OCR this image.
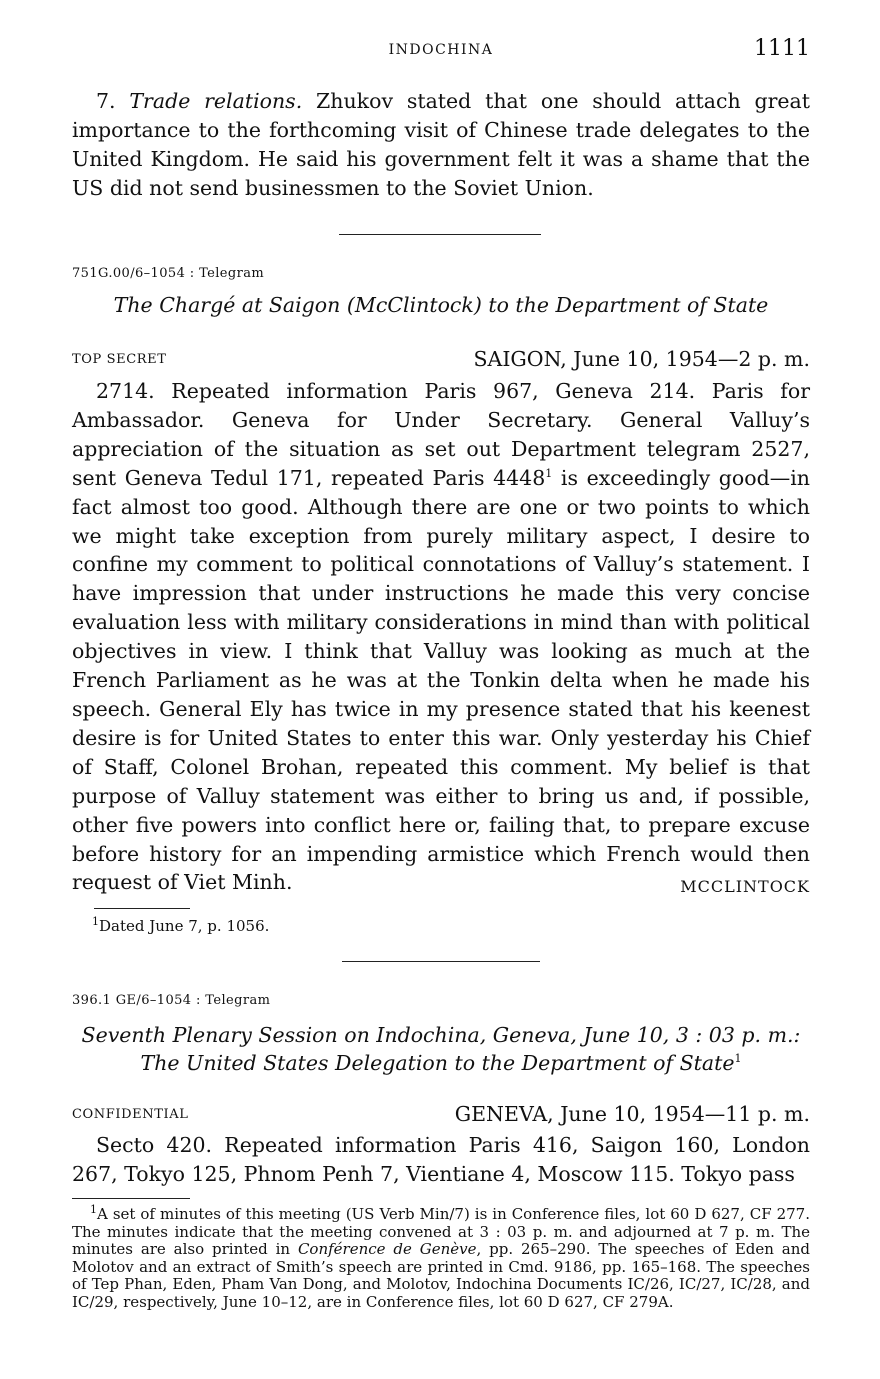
INDOCHINA	1111

7. Trade relations. Zhukov stated that one should attach great importance to the forthcoming visit of Chinese trade delegates to the United Kingdom. He said his government felt it was a shame that the US did not send businessmen to the Soviet Union.

751G.00/6–1054 : Telegram
The Chargé at Saigon (McClintock) to the Department of State
TOP SECRET	SAIGON, June 10, 1954—2 p. m.

2714. Repeated information Paris 967, Geneva 214. Paris for Ambassador. Geneva for Under Secretary. General Valluy’s appreciation of the situation as set out Department telegram 2527, sent Geneva Tedul 171, repeated Paris 4448$^1$ is exceedingly good—in fact almost too good. Although there are one or two points to which we might take exception from purely military aspect, I desire to confine my comment to political connotations of Valluy’s statement. I have impression that under instructions he made this very concise evaluation less with military considerations in mind than with political objectives in view. I think that Valluy was looking as much at the French Parliament as he was at the Tonkin delta when he made his speech. General Ely has twice in my presence stated that his keenest desire is for United States to enter this war. Only yesterday his Chief of Staff, Colonel Brohan, repeated this comment. My belief is that purpose of Valluy statement was either to bring us and, if possible, other five powers into conflict here or, failing that, to prepare excuse before history for an impending armistice which French would then request of Viet Minh.	MCCLINTOCK

$^1$Dated June 7, p. 1056.

396.1 GE/6–1054 : Telegram
Seventh Plenary Session on Indochina, Geneva, June 10, 3 : 03 p. m.:
The United States Delegation to the Department of State$^1$
CONFIDENTIAL	GENEVA, June 10, 1954—11 p. m.

Secto 420. Repeated information Paris 416, Saigon 160, London 267, Tokyo 125, Phnom Penh 7, Vientiane 4, Moscow 115. Tokyo pass

$^1$A set of minutes of this meeting (US Verb Min/7) is in Conference files, lot 60 D 627, CF 277. The minutes indicate that the meeting convened at 3 : 03 p. m. and adjourned at 7 p. m. The minutes are also printed in Conférence de Genève, pp. 265–290. The speeches of Eden and Molotov and an extract of Smith’s speech are printed in Cmd. 9186, pp. 165–168. The speeches of Tep Phan, Eden, Pham Van Dong, and Molotov, Indochina Documents IC/26, IC/27, IC/28, and IC/29, respectively, June 10–12, are in Conference files, lot 60 D 627, CF 279A.
